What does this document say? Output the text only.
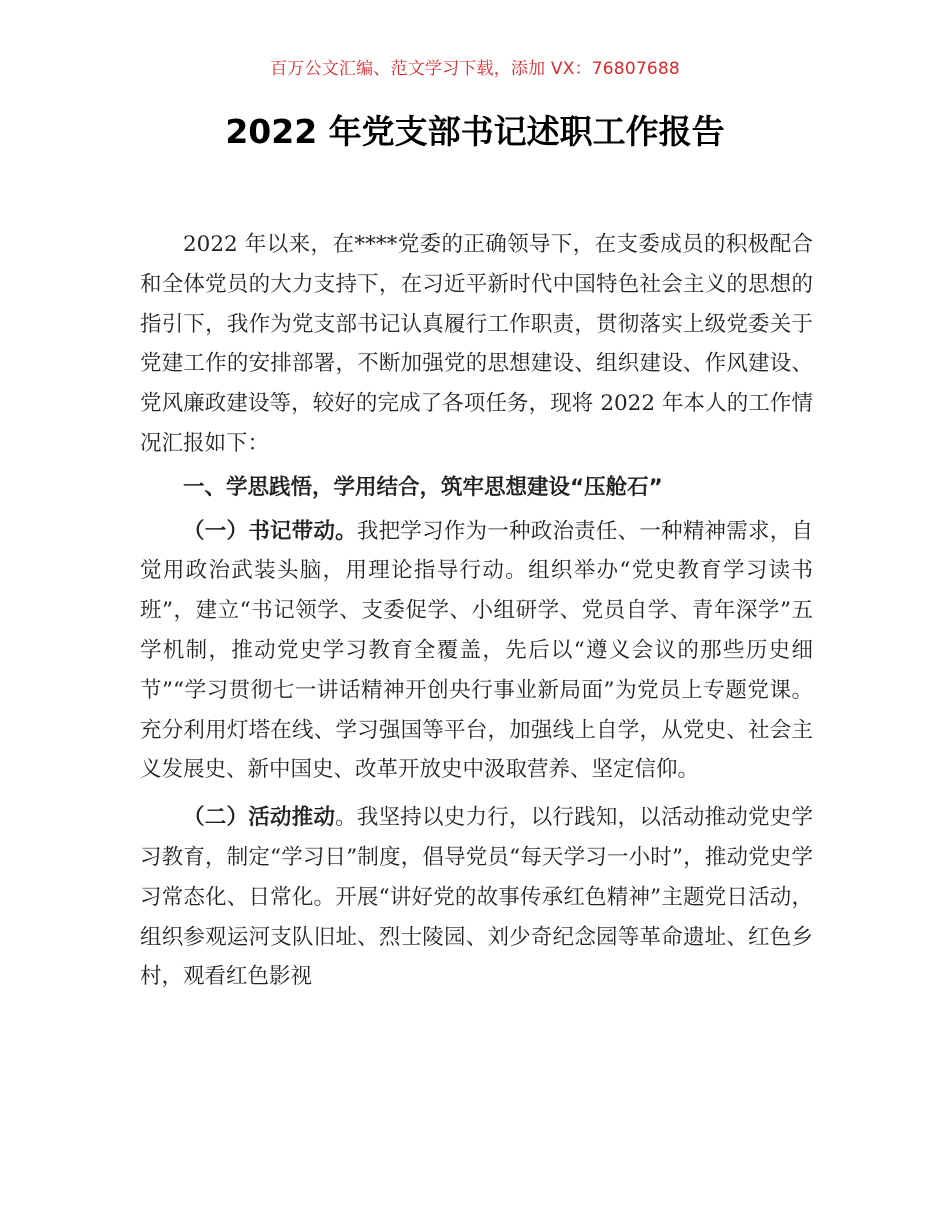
百万公文汇编、范文学习下载，添加 VX：76807688
2022 年党支部书记述职工作报告

2022 年以来，在****党委的正确领导下，在支委成员的积极配合和全体党员的大力支持下，在习近平新时代中国特色社会主义的思想的指引下，我作为党支部书记认真履行工作职责，贯彻落实上级党委关于党建工作的安排部署，不断加强党的思想建设、组织建设、作风建设、党风廉政建设等，较好的完成了各项任务，现将 2022 年本人的工作情况汇报如下：

一、学思践悟，学用结合，筑牢思想建设“压舱石”

（一）书记带动。我把学习作为一种政治责任、一种精神需求，自觉用政治武装头脑，用理论指导行动。组织举办“党史教育学习读书班”，建立“书记领学、支委促学、小组研学、党员自学、青年深学”五学机制，推动党史学习教育全覆盖，先后以“遵义会议的那些历史细节”“学习贯彻七一讲话精神开创央行事业新局面”为党员上专题党课。充分利用灯塔在线、学习强国等平台，加强线上自学，从党史、社会主义发展史、新中国史、改革开放史中汲取营养、坚定信仰。

（二）活动推动。我坚持以史力行，以行践知，以活动推动党史学习教育，制定“学习日”制度，倡导党员“每天学习一小时”，推动党史学习常态化、日常化。开展“讲好党的故事传承红色精神”主题党日活动，组织参观运河支队旧址、烈士陵园、刘少奇纪念园等革命遗址、红色乡村，观看红色影视
